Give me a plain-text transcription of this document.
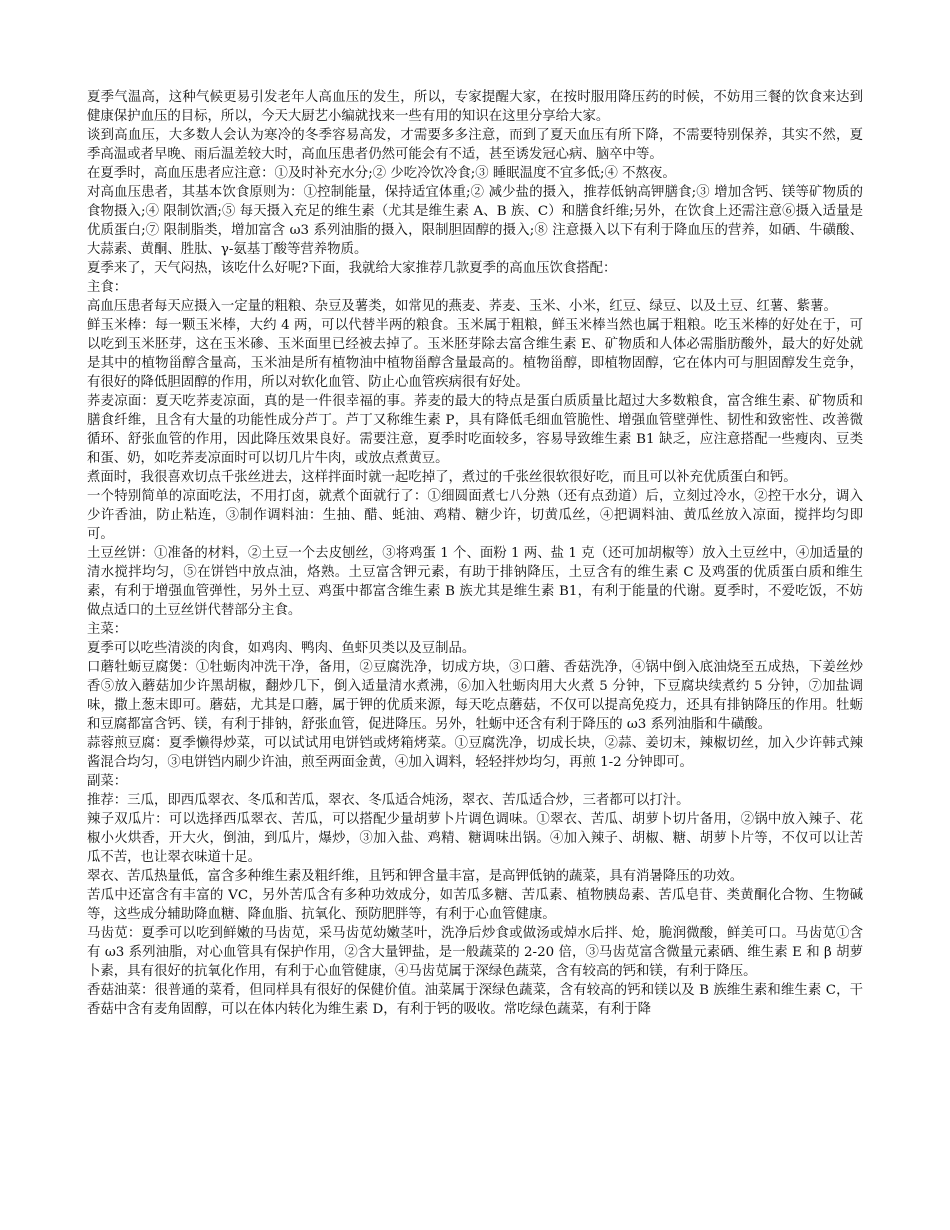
夏季气温高，这种气候更易引发老年人高血压的发生，所以，专家提醒大家，在按时服用降压药的时候，不妨用三餐的饮食来达到健康保护血压的目标，所以，今天大厨艺小编就找来一些有用的知识在这里分享给大家。

谈到高血压，大多数人会认为寒冷的冬季容易高发，才需要多多注意，而到了夏天血压有所下降，不需要特别保养，其实不然，夏季高温或者早晚、雨后温差较大时，高血压患者仍然可能会有不适，甚至诱发冠心病、脑卒中等。

在夏季时，高血压患者应注意：①及时补充水分;② 少吃冷饮冷食;③ 睡眠温度不宜多低;④ 不熬夜。

对高血压患者，其基本饮食原则为：①控制能量，保持适宜体重;② 减少盐的摄入，推荐低钠高钾膳食;③ 增加含钙、镁等矿物质的食物摄入;④ 限制饮酒;⑤ 每天摄入充足的维生素（尤其是维生素 A、B 族、C）和膳食纤维;另外，在饮食上还需注意⑥摄入适量是优质蛋白;⑦ 限制脂类，增加富含 ω3 系列油脂的摄入，限制胆固醇的摄入;⑧ 注意摄入以下有利于降血压的营养，如硒、牛磺酸、大蒜素、黄酮、胜肽、γ-氨基丁酸等营养物质。

夏季来了，天气闷热，该吃什么好呢?下面，我就给大家推荐几款夏季的高血压饮食搭配：

主食：

高血压患者每天应摄入一定量的粗粮、杂豆及薯类，如常见的燕麦、荞麦、玉米、小米，红豆、绿豆、以及土豆、红薯、紫薯。

鲜玉米棒：每一颗玉米棒，大约 4 两，可以代替半两的粮食。玉米属于粗粮，鲜玉米棒当然也属于粗粮。吃玉米棒的好处在于，可以吃到玉米胚芽，这在玉米碜、玉米面里已经被去掉了。玉米胚芽除去富含维生素 E、矿物质和人体必需脂肪酸外，最大的好处就是其中的植物甾醇含量高，玉米油是所有植物油中植物甾醇含量最高的。植物甾醇，即植物固醇，它在体内可与胆固醇发生竞争，有很好的降低胆固醇的作用，所以对软化血管、防止心血管疾病很有好处。

荞麦凉面：夏天吃荞麦凉面，真的是一件很幸福的事。荞麦的最大的特点是蛋白质质量比超过大多数粮食，富含维生素、矿物质和膳食纤维，且含有大量的功能性成分芦丁。芦丁又称维生素 P，具有降低毛细血管脆性、增强血管壁弹性、韧性和致密性、改善微循环、舒张血管的作用，因此降压效果良好。需要注意，夏季时吃面较多，容易导致维生素 B1 缺乏，应注意搭配一些瘦肉、豆类和蛋、奶，如吃荞麦凉面时可以切几片牛肉，或放点煮黄豆。

煮面时，我很喜欢切点千张丝进去，这样拌面时就一起吃掉了，煮过的千张丝很软很好吃，而且可以补充优质蛋白和钙。

一个特别简单的凉面吃法，不用打卤，就煮个面就行了：①细圆面煮七八分熟（还有点劲道）后，立刻过冷水，②控干水分，调入少许香油，防止粘连，③制作调料油：生抽、醋、蚝油、鸡精、糖少许，切黄瓜丝，④把调料油、黄瓜丝放入凉面，搅拌均匀即可。

土豆丝饼：①准备的材料，②土豆一个去皮刨丝，③将鸡蛋 1 个、面粉 1 两、盐 1 克（还可加胡椒等）放入土豆丝中，④加适量的清水搅拌均匀，⑤在饼铛中放点油，烙熟。土豆富含钾元素，有助于排钠降压，土豆含有的维生素 C 及鸡蛋的优质蛋白质和维生素，有利于增强血管弹性，另外土豆、鸡蛋中都富含维生素 B 族尤其是维生素 B1，有利于能量的代谢。夏季时，不爱吃饭，不妨做点适口的土豆丝饼代替部分主食。

主菜：

夏季可以吃些清淡的肉食，如鸡肉、鸭肉、鱼虾贝类以及豆制品。

口蘑牡蛎豆腐煲：①牡蛎肉冲洗干净，备用，②豆腐洗净，切成方块，③口蘑、香菇洗净，④锅中倒入底油烧至五成热，下姜丝炒香⑤放入蘑菇加少许黑胡椒，翻炒几下，倒入适量清水煮沸，⑥加入牡蛎肉用大火煮 5 分钟，下豆腐块续煮约 5 分钟，⑦加盐调味，撒上葱末即可。蘑菇，尤其是口蘑，属于钾的优质来源，每天吃点蘑菇，不仅可以提高免疫力，还具有排钠降压的作用。牡蛎和豆腐都富含钙、镁，有利于排钠，舒张血管，促进降压。另外，牡蛎中还含有利于降压的 ω3 系列油脂和牛磺酸。

蒜蓉煎豆腐：夏季懒得炒菜，可以试试用电饼铛或烤箱烤菜。①豆腐洗净，切成长块，②蒜、姜切末，辣椒切丝，加入少许韩式辣酱混合均匀，③电饼铛内刷少许油，煎至两面金黄，④加入调料，轻轻拌炒均匀，再煎 1-2 分钟即可。

副菜：

推荐：三瓜，即西瓜翠衣、冬瓜和苦瓜，翠衣、冬瓜适合炖汤，翠衣、苦瓜适合炒，三者都可以打汁。

辣子双瓜片：可以选择西瓜翠衣、苦瓜，可以搭配少量胡萝卜片调色调味。①翠衣、苦瓜、胡萝卜切片备用，②锅中放入辣子、花椒小火烘香，开大火，倒油，到瓜片，爆炒，③加入盐、鸡精、糖调味出锅。④加入辣子、胡椒、糖、胡萝卜片等，不仅可以让苦瓜不苦，也让翠衣味道十足。

翠衣、苦瓜热量低，富含多种维生素及粗纤维，且钙和钾含量丰富，是高钾低钠的蔬菜，具有消暑降压的功效。

苦瓜中还富含有丰富的 VC，另外苦瓜含有多种功效成分，如苦瓜多糖、苦瓜素、植物胰岛素、苦瓜皂苷、类黄酮化合物、生物碱等，这些成分辅助降血糖、降血脂、抗氧化、预防肥胖等，有利于心血管健康。

马齿苋：夏季可以吃到鲜嫩的马齿苋，采马齿苋幼嫩茎叶，洗净后炒食或做汤或焯水后拌、炝，脆润微酸，鲜美可口。马齿苋①含有 ω3 系列油脂，对心血管具有保护作用，②含大量钾盐，是一般蔬菜的 2-20 倍，③马齿苋富含微量元素硒、维生素 E 和 β 胡萝卜素，具有很好的抗氧化作用，有利于心血管健康，④马齿苋属于深绿色蔬菜，含有较高的钙和镁，有利于降压。

香菇油菜：很普通的菜肴，但同样具有很好的保健价值。油菜属于深绿色蔬菜，含有较高的钙和镁以及 B 族维生素和维生素 C，干香菇中含有麦角固醇，可以在体内转化为维生素 D，有利于钙的吸收。常吃绿色蔬菜，有利于降
